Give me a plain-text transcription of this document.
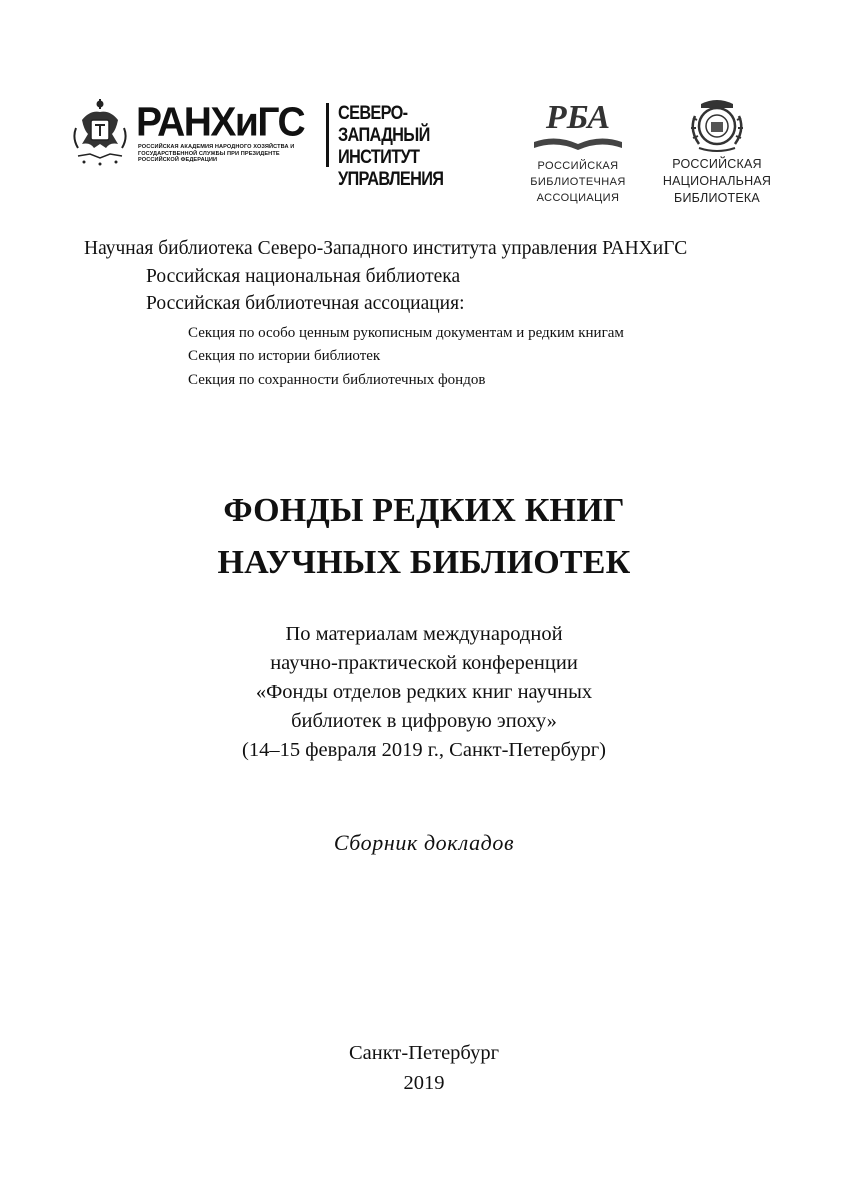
РАНХиГС
РОССИЙСКАЯ АКАДЕМИЯ НАРОДНОГО ХОЗЯЙСТВА И ГОСУДАРСТВЕННОЙ СЛУЖБЫ ПРИ ПРЕЗИДЕНТЕ РОССИЙСКОЙ ФЕДЕРАЦИИ
СЕВЕРО-ЗАПАДНЫЙ
ИНСТИТУТ
УПРАВЛЕНИЯ
РБА
РОССИЙСКАЯ
БИБЛИОТЕЧНАЯ
АССОЦИАЦИЯ
РОССИЙСКАЯ
НАЦИОНАЛЬНАЯ
БИБЛИОТЕКА
Научная библиотека Северо-Западного института управления РАНХиГС
Российская национальная библиотека
Российская библиотечная ассоциация:
Секция по особо ценным рукописным документам и редким книгам
Секция по истории библиотек
Секция по сохранности библиотечных фондов
ФОНДЫ РЕДКИХ КНИГ
НАУЧНЫХ БИБЛИОТЕК
По материалам международной
научно-практической конференции
«Фонды отделов редких книг научных
библиотек в цифровую эпоху»
(14–15 февраля 2019 г., Санкт-Петербург)
Сборник докладов
Санкт-Петербург
2019
